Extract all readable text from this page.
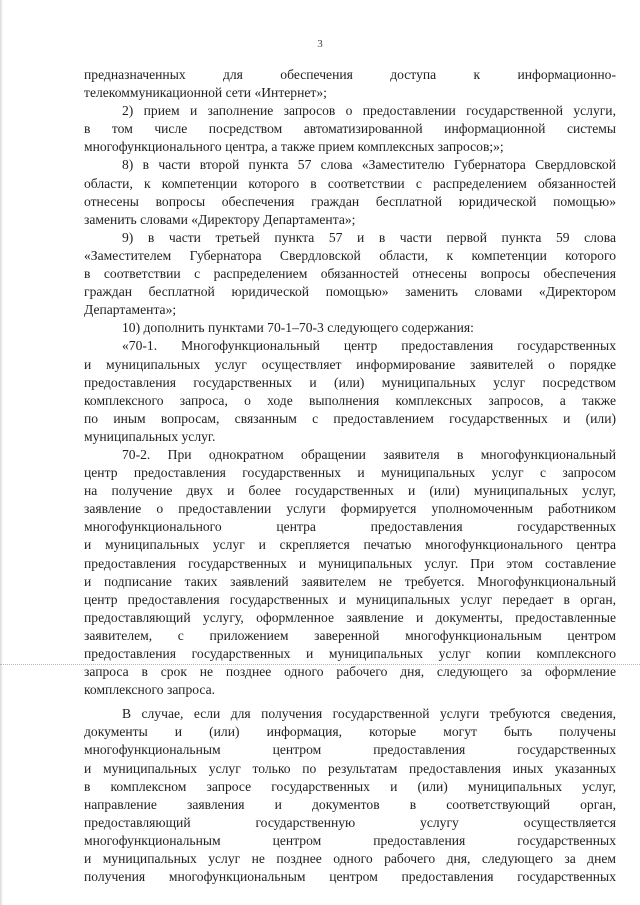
3
предназначенных для обеспечения доступа к информационно-
телекоммуникационной сети «Интернет»;
2) прием и заполнение запросов о предоставлении государственной услуги,
в том числе посредством автоматизированной информационной системы
многофункционального центра, а также прием комплексных запросов;»;
8) в части второй пункта 57 слова «Заместителю Губернатора Свердловской
области, к компетенции которого в соответствии с распределением обязанностей
отнесены вопросы обеспечения граждан бесплатной юридической помощью»
заменить словами «Директору Департамента»;
9) в части третьей пункта 57 и в части первой пункта 59 слова
«Заместителем Губернатора Свердловской области, к компетенции которого
в соответствии с распределением обязанностей отнесены вопросы обеспечения
граждан бесплатной юридической помощью» заменить словами «Директором
Департамента»;
10) дополнить пунктами 70-1–70-3 следующего содержания:
«70-1. Многофункциональный центр предоставления государственных
и муниципальных услуг осуществляет информирование заявителей о порядке
предоставления государственных и (или) муниципальных услуг посредством
комплексного запроса, о ходе выполнения комплексных запросов, а также
по иным вопросам, связанным с предоставлением государственных и (или)
муниципальных услуг.
70-2. При однократном обращении заявителя в многофункциональный
центр предоставления государственных и муниципальных услуг с запросом
на получение двух и более государственных и (или) муниципальных услуг,
заявление о предоставлении услуги формируется уполномоченным работником
многофункционального центра предоставления государственных
и муниципальных услуг и скрепляется печатью многофункционального центра
предоставления государственных и муниципальных услуг. При этом составление
и подписание таких заявлений заявителем не требуется. Многофункциональный
центр предоставления государственных и муниципальных услуг передает в орган,
предоставляющий услугу, оформленное заявление и документы, предоставленные
заявителем, с приложением заверенной многофункциональным центром
предоставления государственных и муниципальных услуг копии комплексного
запроса в срок не позднее одного рабочего дня, следующего за оформление
комплексного запроса.
В случае, если для получения государственной услуги требуются сведения,
документы и (или) информация, которые могут быть получены
многофункциональным центром предоставления государственных
и муниципальных услуг только по результатам предоставления иных указанных
в комплексном запросе государственных и (или) муниципальных услуг,
направление заявления и документов в соответствующий орган,
предоставляющий государственную услугу осуществляется
многофункциональным центром предоставления государственных
и муниципальных услуг не позднее одного рабочего дня, следующего за днем
получения многофункциональным центром предоставления государственных
